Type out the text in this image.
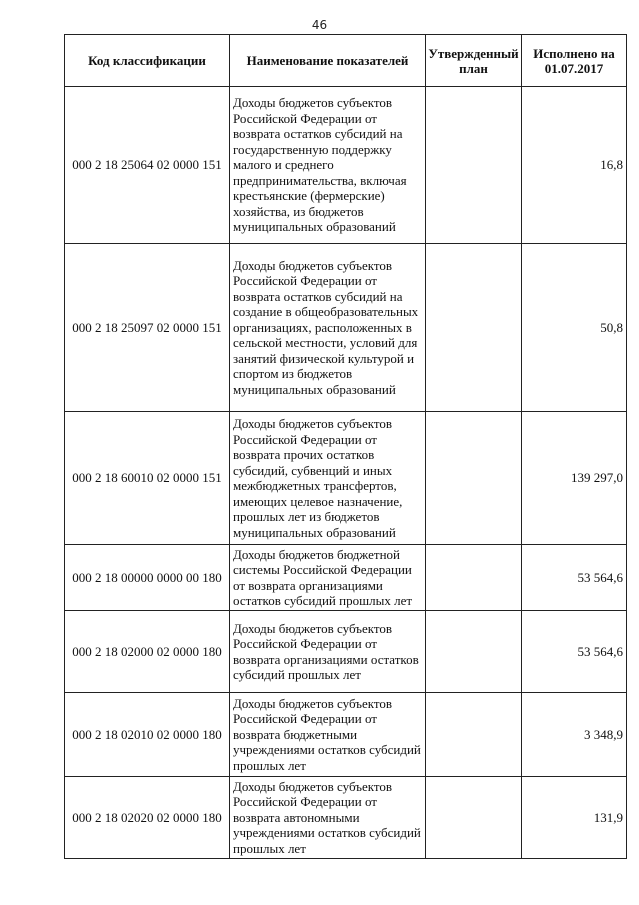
46
Код классификации	Наименование показателей	Утвержденный план	Исполнено на 01.07.2017
000 2 18 25064 02 0000 151	Доходы бюджетов субъектов Российской Федерации от возврата остатков субсидий на государственную поддержку малого и среднего предпринимательства, включая крестьянские (фермерские) хозяйства, из бюджетов муниципальных образований		16,8
000 2 18 25097 02 0000 151	Доходы бюджетов субъектов Российской Федерации от возврата остатков субсидий на создание в общеобразовательных организациях, расположенных в сельской местности, условий для занятий физической культурой и спортом из бюджетов муниципальных образований		50,8
000 2 18 60010 02 0000 151	Доходы бюджетов субъектов Российской Федерации от возврата прочих остатков субсидий, субвенций и иных межбюджетных трансфертов, имеющих целевое назначение, прошлых лет из бюджетов муниципальных образований		139 297,0
000 2 18 00000 0000 00 180	Доходы бюджетов бюджетной системы Российской Федерации от возврата организациями остатков субсидий прошлых лет		53 564,6
000 2 18 02000 02 0000 180	Доходы бюджетов субъектов Российской Федерации от возврата организациями остатков субсидий прошлых лет		53 564,6
000 2 18 02010 02 0000 180	Доходы бюджетов субъектов Российской Федерации от возврата бюджетными учреждениями остатков субсидий прошлых лет		3 348,9
000 2 18 02020 02 0000 180	Доходы бюджетов субъектов Российской Федерации от возврата автономными учреждениями остатков субсидий прошлых лет		131,9
